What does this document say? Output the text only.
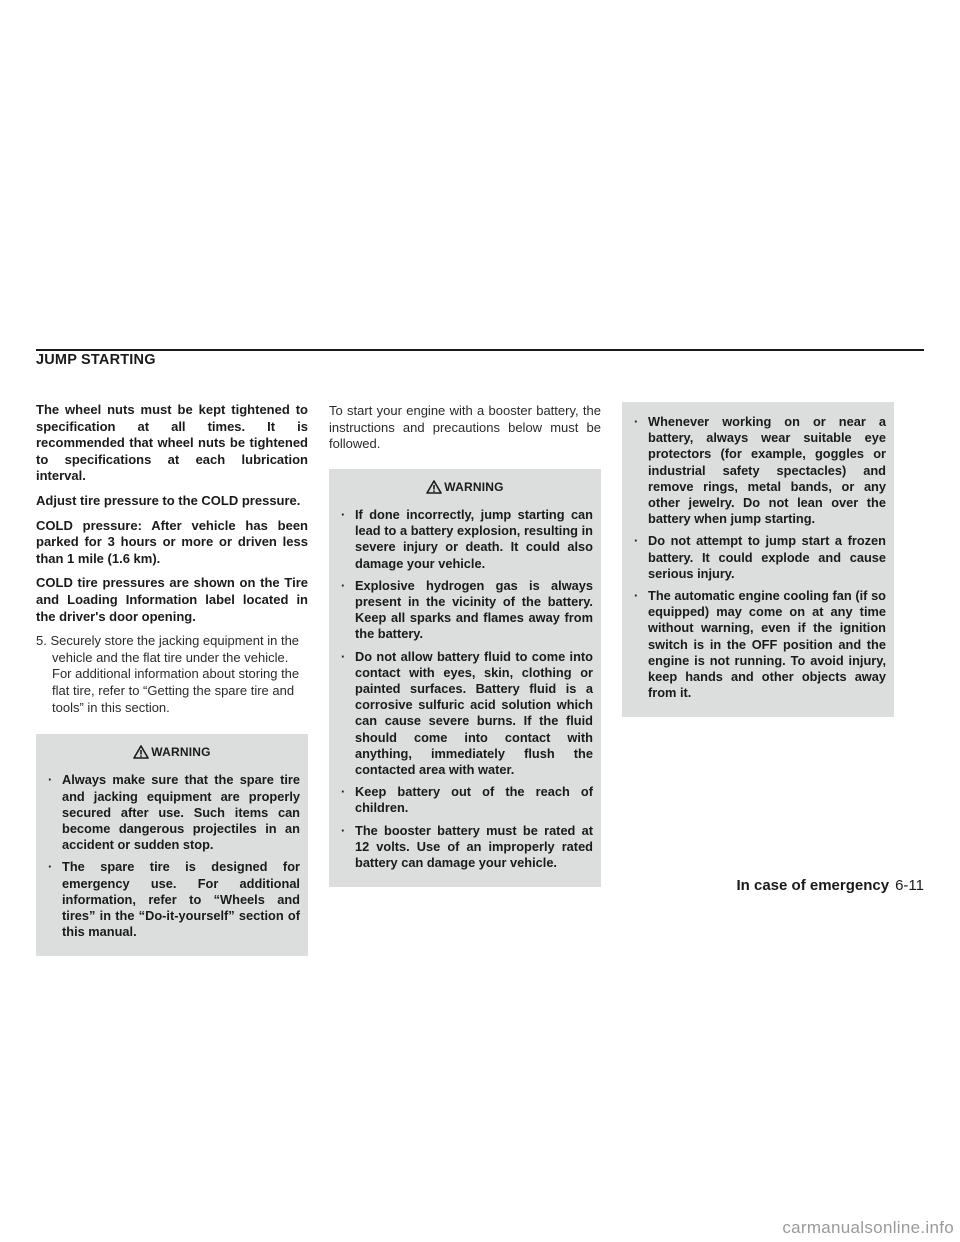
JUMP STARTING

The wheel nuts must be kept tightened to specification at all times. It is recommended that wheel nuts be tightened to specifications at each lubrication interval.

Adjust tire pressure to the COLD pressure.

COLD pressure: After vehicle has been parked for 3 hours or more or driven less than 1 mile (1.6 km).

COLD tire pressures are shown on the Tire and Loading Information label located in the driver's door opening.

5. Securely store the jacking equipment in the vehicle and the flat tire under the vehicle. For additional information about storing the flat tire, refer to “Getting the spare tire and tools” in this section.

WARNING
· Always make sure that the spare tire and jacking equipment are properly secured after use. Such items can become dangerous projectiles in an accident or sudden stop.
· The spare tire is designed for emergency use. For additional information, refer to “Wheels and tires” in the “Do-it-yourself” section of this manual.

To start your engine with a booster battery, the instructions and precautions below must be followed.

WARNING
· If done incorrectly, jump starting can lead to a battery explosion, resulting in severe injury or death. It could also damage your vehicle.
· Explosive hydrogen gas is always present in the vicinity of the battery. Keep all sparks and flames away from the battery.
· Do not allow battery fluid to come into contact with eyes, skin, clothing or painted surfaces. Battery fluid is a corrosive sulfuric acid solution which can cause severe burns. If the fluid should come into contact with anything, immediately flush the contacted area with water.
· Keep battery out of the reach of children.
· The booster battery must be rated at 12 volts. Use of an improperly rated battery can damage your vehicle.
· Whenever working on or near a battery, always wear suitable eye protectors (for example, goggles or industrial safety spectacles) and remove rings, metal bands, or any other jewelry. Do not lean over the battery when jump starting.
· Do not attempt to jump start a frozen battery. It could explode and cause serious injury.
· The automatic engine cooling fan (if so equipped) may come on at any time without warning, even if the ignition switch is in the OFF position and the engine is not running. To avoid injury, keep hands and other objects away from it.
In case of emergency 6-11
carmanualsonline.info
